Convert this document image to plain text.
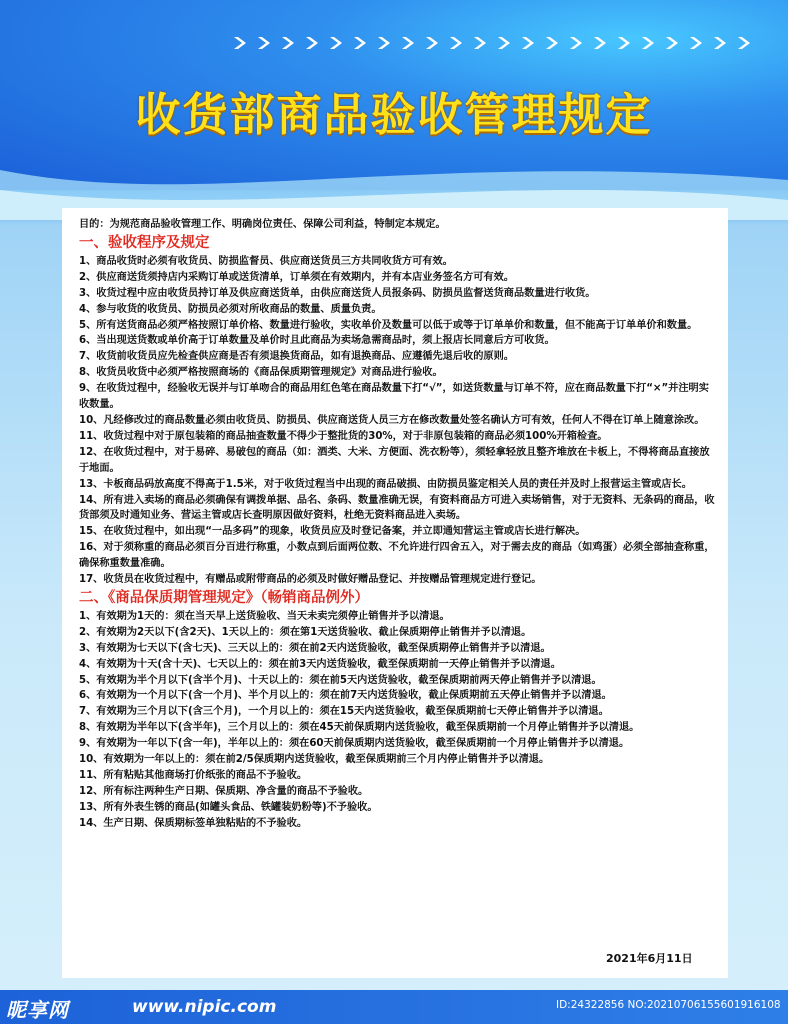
收货部商品验收管理规定

目的：为规范商品验收管理工作、明确岗位责任、保障公司利益，特制定本规定。

一、验收程序及规定

1、商品收货时必须有收货员、防损监督员、供应商送货员三方共同收货方可有效。

2、供应商送货须持店内采购订单或送货清单，订单须在有效期内，并有本店业务签名方可有效。

3、收货过程中应由收货员持订单及供应商送货单，由供应商送货人员报条码、防损员监督送货商品数量进行收货。

4、参与收货的收货员、防损员必须对所收商品的数量、质量负责。

5、所有送货商品必须严格按照订单价格、数量进行验收，实收单价及数量可以低于或等于订单单价和数量，但不能高于订单单价和数量。

6、当出现送货数或单价高于订单数量及单价时且此商品为卖场急需商品时，须上报店长同意后方可收货。

7、收货前收货员应先检查供应商是否有须退换货商品，如有退换商品、应遵循先退后收的原则。

8、收货员收货中必须严格按照商场的《商品保质期管理规定》对商品进行验收。

9、在收货过程中，经验收无误并与订单吻合的商品用红色笔在商品数量下打“√”，如送货数量与订单不符，应在商品数量下打“×”并注明实收数量。

10、凡经修改过的商品数量必须由收货员、防损员、供应商送货人员三方在修改数量处签名确认方可有效，任何人不得在订单上随意涂改。

11、收货过程中对于原包装箱的商品抽查数量不得少于整批货的30%，对于非原包装箱的商品必须100%开箱检查。

12、在收货过程中，对于易碎、易破包的商品（如：酒类、大米、方便面、洗衣粉等），须轻拿轻放且整齐堆放在卡板上，不得将商品直接放于地面。

13、卡板商品码放高度不得高于1.5米，对于收货过程当中出现的商品破损、由防损员鉴定相关人员的责任并及时上报营运主管或店长。

14、所有进入卖场的商品必须确保有调拨单据、品名、条码、数量准确无误，有资料商品方可进入卖场销售，对于无资料、无条码的商品，收货部须及时通知业务、营运主管或店长查明原因做好资料，杜绝无资料商品进入卖场。

15、在收货过程中，如出现“一品多码”的现象，收货员应及时登记备案，并立即通知营运主管或店长进行解决。

16、对于须称重的商品必须百分百进行称重，小数点到后面两位数、不允许进行四舍五入，对于需去皮的商品（如鸡蛋）必须全部抽查称重，确保称重数量准确。

17、收货员在收货过程中，有赠品或附带商品的必须及时做好赠品登记、并按赠品管理规定进行登记。

二、《商品保质期管理规定》（畅销商品例外）

1、有效期为1天的：须在当天早上送货验收、当天未卖完须停止销售并予以清退。

2、有效期为2天以下(含2天)、1天以上的：须在第1天送货验收、截止保质期停止销售并予以清退。

3、有效期为七天以下(含七天)、三天以上的：须在前2天内送货验收，截至保质期停止销售并予以清退。

4、有效期为十天(含十天)、七天以上的：须在前3天内送货验收，截至保质期前一天停止销售并予以清退。

5、有效期为半个月以下(含半个月)、十天以上的：须在前5天内送货验收，截至保质期前两天停止销售并予以清退。

6、有效期为一个月以下(含一个月)、半个月以上的：须在前7天内送货验收，截止保质期前五天停止销售并予以清退。

7、有效期为三个月以下(含三个月)，一个月以上的：须在15天内送货验收，截至保质期前七天停止销售并予以清退。

8、有效期为半年以下(含半年)，三个月以上的：须在45天前保质期内送货验收，截至保质期前一个月停止销售并予以清退。

9、有效期为一年以下(含一年)，半年以上的：须在60天前保质期内送货验收，截至保质期前一个月停止销售并予以清退。

10、有效期为一年以上的：须在前2/5保质期内送货验收，截至保质期前三个月内停止销售并予以清退。

11、所有粘贴其他商场打价纸张的商品不予验收。

12、所有标注两种生产日期、保质期、净含量的商品不予验收。

13、所有外表生锈的商品(如罐头食品、铁罐装奶粉等)不予验收。

14、生产日期、保质期标签单独粘贴的不予验收。

2021年6月11日
昵享网	www.nipic.com	ID:24322856 NO:20210706155601916108
